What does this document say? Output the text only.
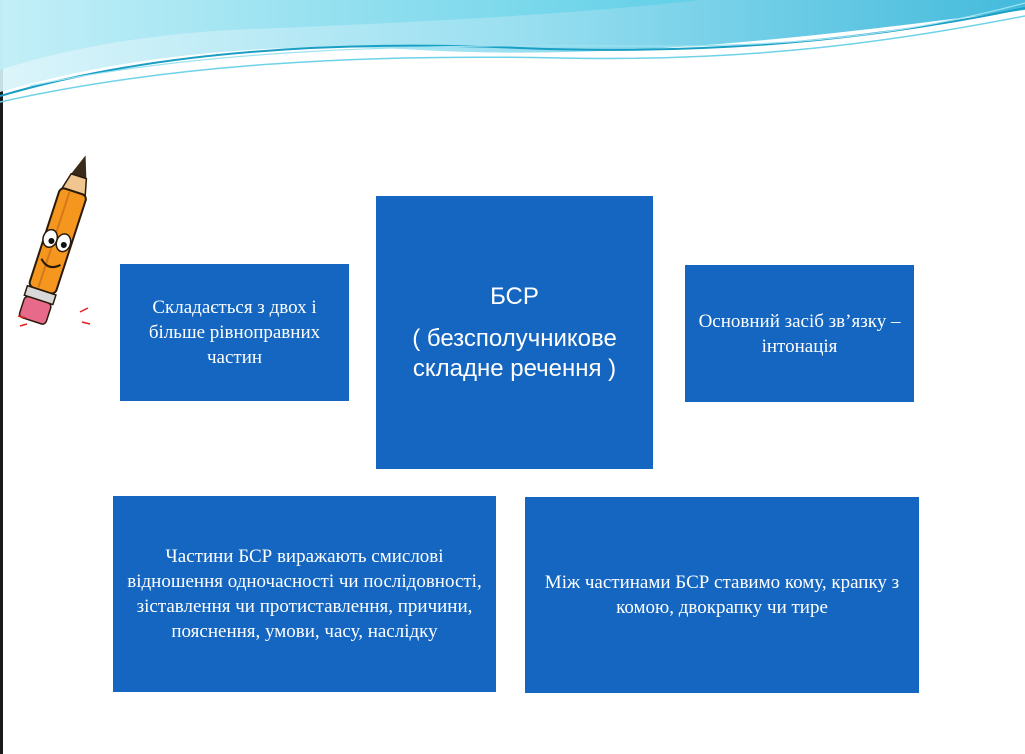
Складається з двох і більше рівноправних частин
БСР
( безсполучникове складне речення )
Основний засіб зв’язку – інтонація
Частини БСР виражають смислові відношення одночасності чи послідовності, зіставлення чи протиставлення, причини, пояснення, умови, часу, наслідку
Між частинами БСР ставимо кому, крапку з комою, двокрапку чи тире
